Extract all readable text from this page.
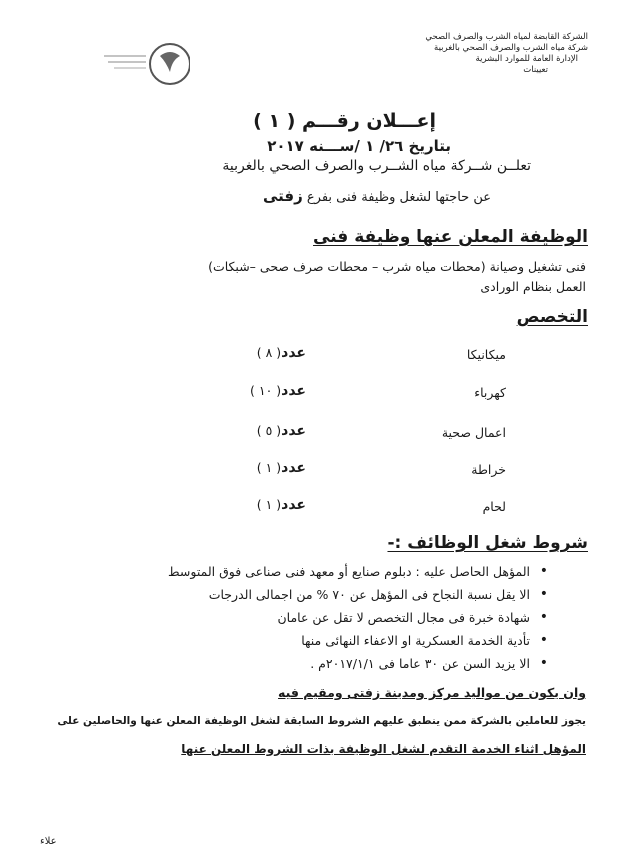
الشركة القابضة لمياه الشرب والصرف الصحي
شركة مياه الشرب والصرف الصحي بالغربية
الإدارة العامة للموارد البشرية
تعيينات
إعـــلان رقـــم ( ١ )
بتاريخ ٢٦/ ١ /ســـنه ٢٠١٧
تعلــن شــركة مياه الشــرب والصرف الصحي بالغربية
عن حاجتها لشغل وظيفة فنى بفرع زفتى
الوظيفة المعلن عنها وظيفة فنى
فنى تشغيل وصيانة (محطات مياه شرب – محطات صرف صحى –شبكات)
العمل بنظام الورادى
التخصص
ميكانيكا
عدد( ٨ )
كهرباء
عدد( ١٠ )
اعمال صحية
عدد( ٥ )
خراطة
عدد( ١ )
لحام
عدد( ١ )
شروط شغل الوظائف :-
• المؤهل الحاصل عليه : دبلوم صنايع أو معهد فنى صناعى فوق المتوسط
• الا يقل نسبة النجاح فى المؤهل عن ٧٠ % من اجمالى الدرجات
• شهادة خبرة فى مجال التخصص لا تقل عن عامان
• تأدية الخدمة العسكرية او الاعفاء النهائى منها
• الا يزيد السن عن ٣٠ عاما فى ٢٠١٧/١/١م .
وان يكون من مواليد مركز ومدينة زفتى ومقيم فيه
يجوز للعاملين بالشركة ممن ينطبق عليهم الشروط السابقة لشغل الوظيفة المعلن عنها والحاصلين على
المؤهل اثناء الخدمة التقدم لشغل الوظيفة بذات الشروط المعلن عنها
علاء
